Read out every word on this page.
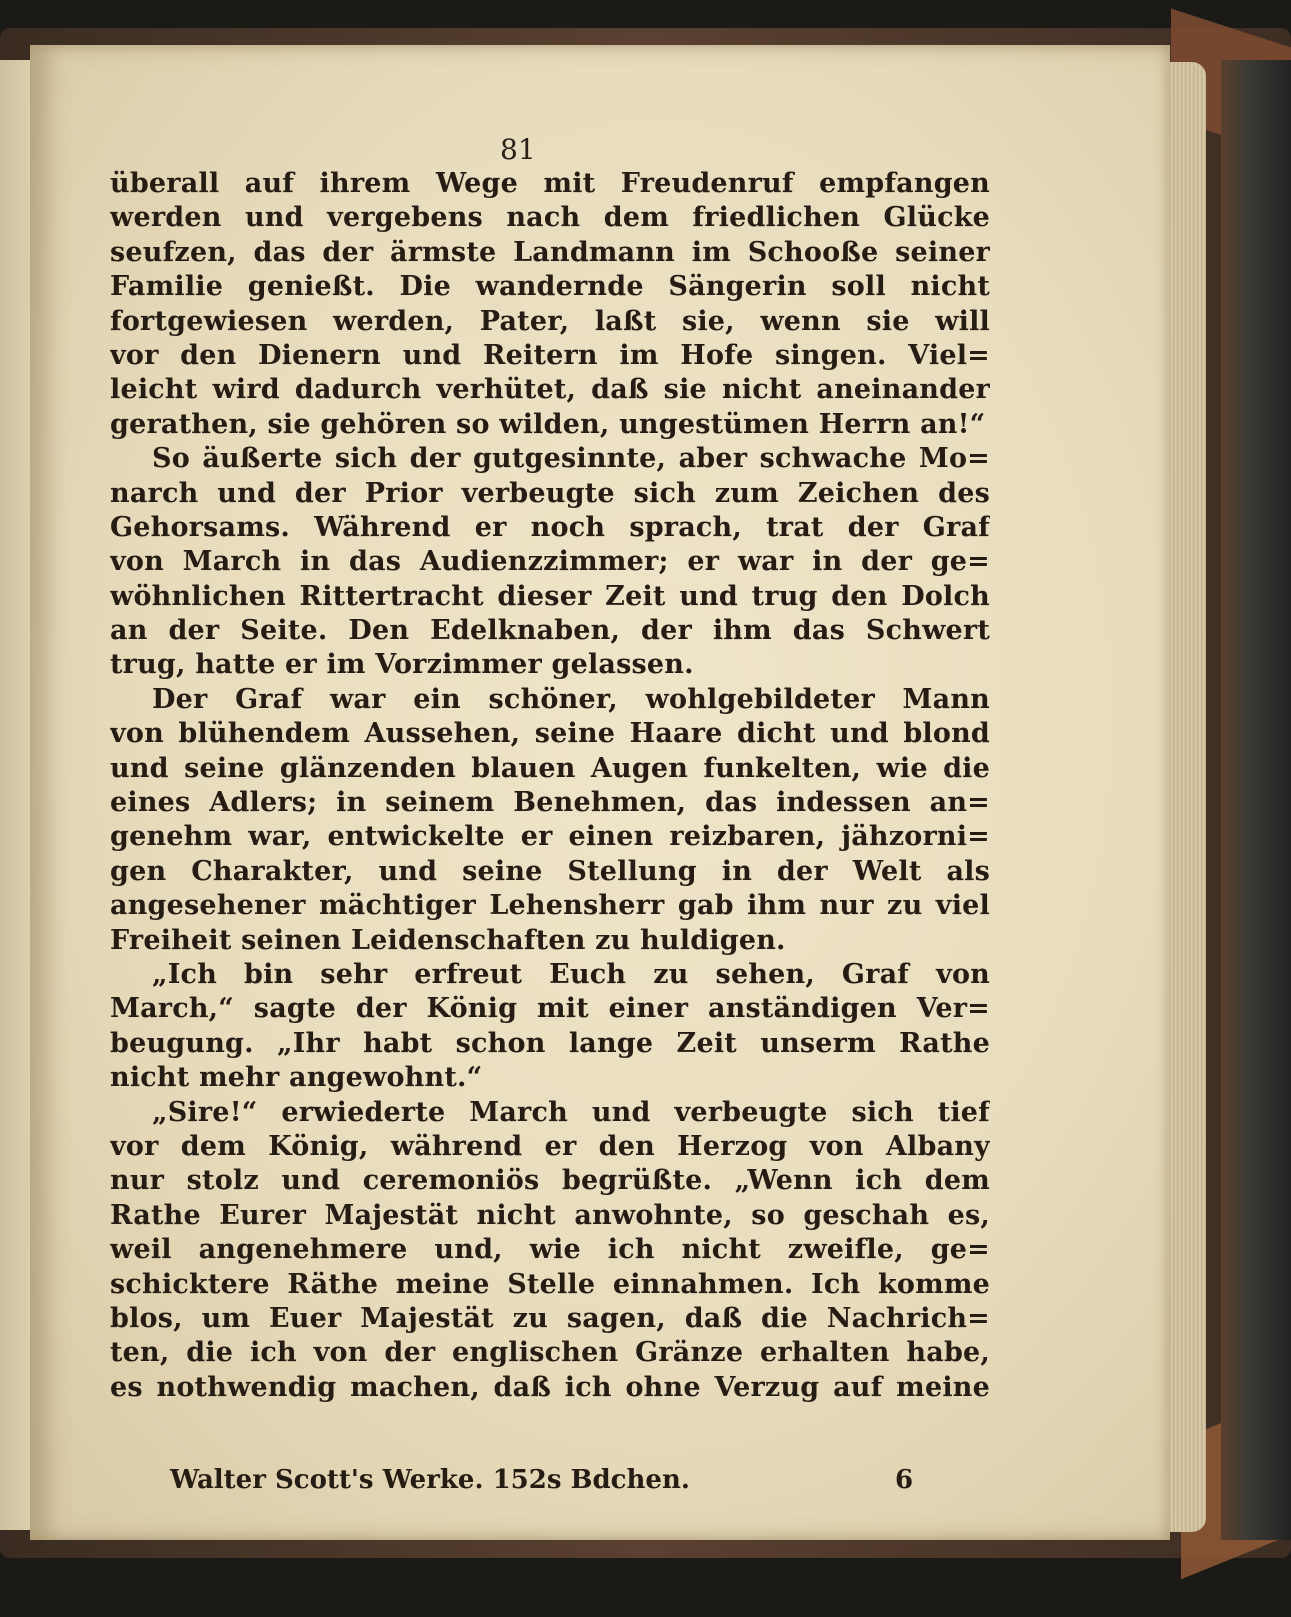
81
überall auf ihrem Wege mit Freudenruf empfangen
werden und vergebens nach dem friedlichen Glücke
seufzen, das der ärmste Landmann im Schooße seiner
Familie genießt. Die wandernde Sängerin soll nicht
fortgewiesen werden, Pater, laßt sie, wenn sie will
vor den Dienern und Reitern im Hofe singen. Viel=
leicht wird dadurch verhütet, daß sie nicht aneinander
gerathen, sie gehören so wilden, ungestümen Herrn an!“
So äußerte sich der gutgesinnte, aber schwache Mo=
narch und der Prior verbeugte sich zum Zeichen des
Gehorsams. Während er noch sprach, trat der Graf
von March in das Audienzzimmer; er war in der ge=
wöhnlichen Rittertracht dieser Zeit und trug den Dolch
an der Seite. Den Edelknaben, der ihm das Schwert
trug, hatte er im Vorzimmer gelassen.
Der Graf war ein schöner, wohlgebildeter Mann
von blühendem Aussehen, seine Haare dicht und blond
und seine glänzenden blauen Augen funkelten, wie die
eines Adlers; in seinem Benehmen, das indessen an=
genehm war, entwickelte er einen reizbaren, jähzorni=
gen Charakter, und seine Stellung in der Welt als
angesehener mächtiger Lehensherr gab ihm nur zu viel
Freiheit seinen Leidenschaften zu huldigen.
„Ich bin sehr erfreut Euch zu sehen, Graf von
March,“ sagte der König mit einer anständigen Ver=
beugung. „Ihr habt schon lange Zeit unserm Rathe
nicht mehr angewohnt.“
„Sire!“ erwiederte March und verbeugte sich tief
vor dem König, während er den Herzog von Albany
nur stolz und ceremoniös begrüßte. „Wenn ich dem
Rathe Eurer Majestät nicht anwohnte, so geschah es,
weil angenehmere und, wie ich nicht zweifle, ge=
schicktere Räthe meine Stelle einnahmen. Ich komme
blos, um Euer Majestät zu sagen, daß die Nachrich=
ten, die ich von der englischen Gränze erhalten habe,
es nothwendig machen, daß ich ohne Verzug auf meine
Walter Scott's Werke. 152s Bdchen.	6
